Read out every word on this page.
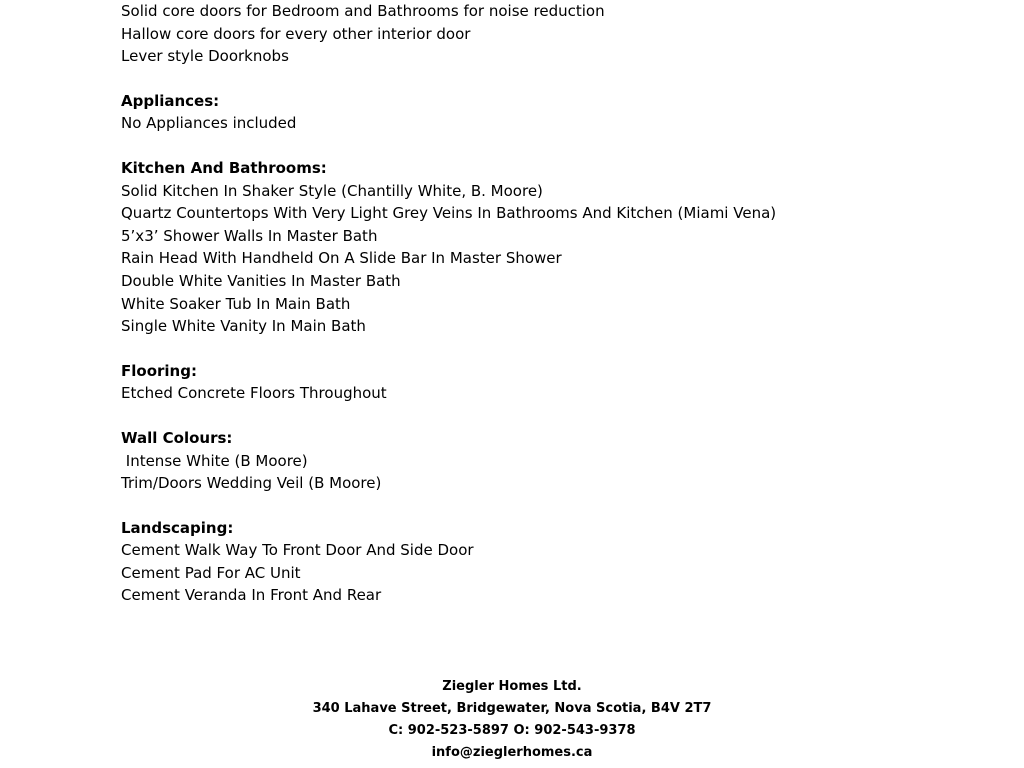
Solid core doors for Bedroom and Bathrooms for noise reduction
Hallow core doors for every other interior door
Lever style Doorknobs
Appliances:
No Appliances included
Kitchen And Bathrooms:
Solid Kitchen In Shaker Style (Chantilly White, B. Moore)
Quartz Countertops With Very Light Grey Veins In Bathrooms And Kitchen (Miami Vena)
5’x3’ Shower Walls In Master Bath
Rain Head With Handheld On A Slide Bar In Master Shower
Double White Vanities In Master Bath
White Soaker Tub In Main Bath
Single White Vanity In Main Bath
Flooring:
Etched Concrete Floors Throughout
Wall Colours:
Intense White (B Moore)
Trim/Doors Wedding Veil (B Moore)
Landscaping:
Cement Walk Way To Front Door And Side Door
Cement Pad For AC Unit
Cement Veranda In Front And Rear
Ziegler Homes Ltd.
340 Lahave Street, Bridgewater, Nova Scotia, B4V 2T7
C: 902-523-5897 O: 902-543-9378
info@zieglerhomes.ca
